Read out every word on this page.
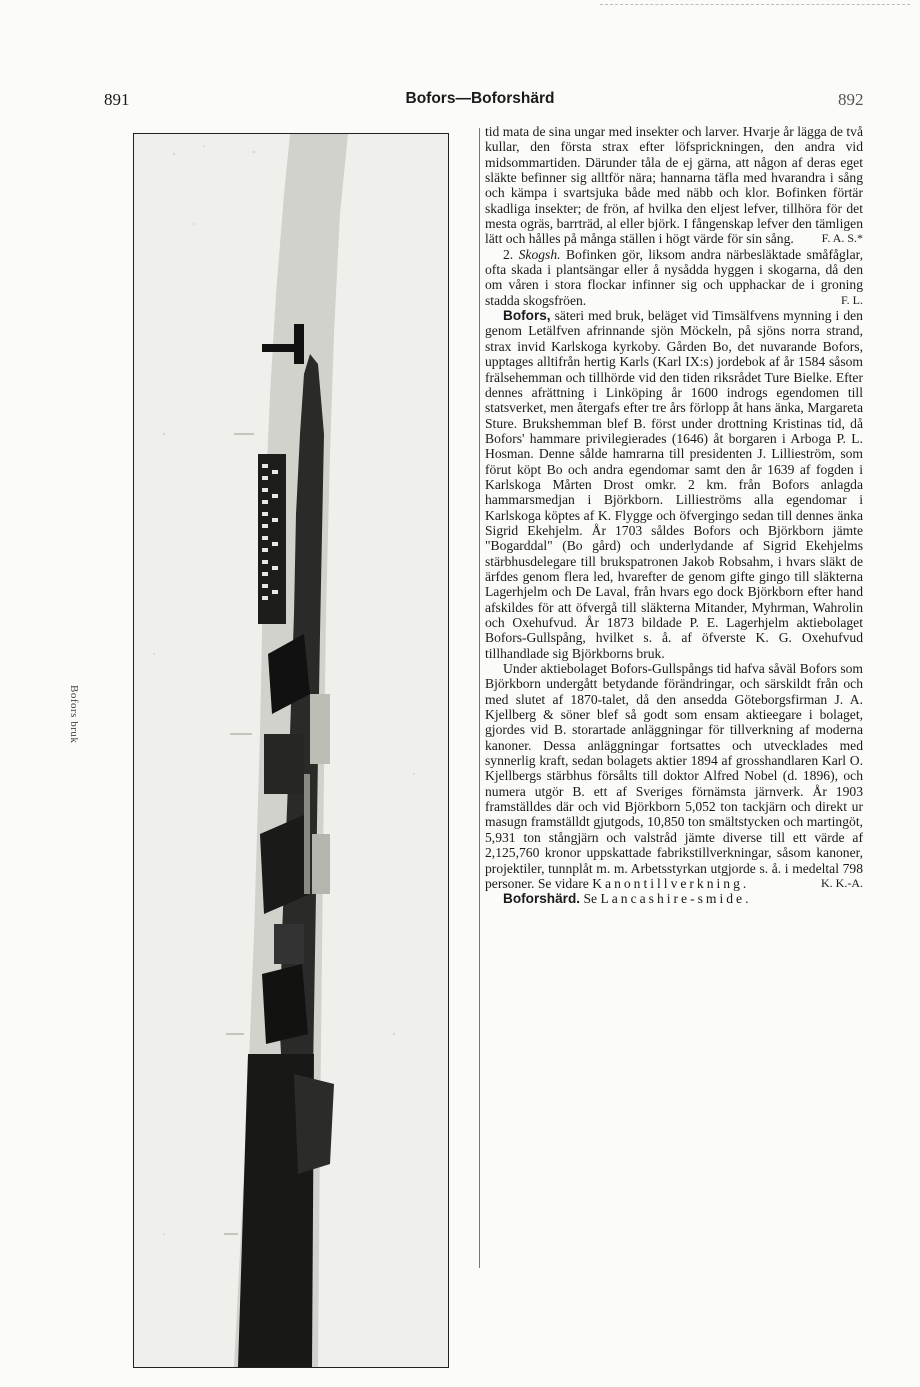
891	Bofors—Boforshärd	892
Bofors bruk

tid mata de sina ungar med insekter och larver. Hvarje år lägga de två kullar, den första strax efter löfsprickningen, den andra vid midsommartiden. Därunder tåla de ej gärna, att någon af deras eget släkte befinner sig alltför nära; hannarna täfla med hvarandra i sång och kämpa i svartsjuka både med näbb och klor. Bofinken förtär skadliga insekter; de frön, af hvilka den eljest lefver, tillhöra för det mesta ogräs, barrträd, al eller björk. I fångenskap lefver den tämligen lätt och hålles på många ställen i högt värde för sin sång. F. A. S.*

2. Skogsh. Bofinken gör, liksom andra närbesläktade småfåglar, ofta skada i plantsängar eller å nysådda hyggen i skogarna, då den om våren i stora flockar infinner sig och upphackar de i groning stadda skogsfröen.	F. L.

Bofors, säteri med bruk, beläget vid Timsälfvens mynning i den genom Letälfven afrinnande sjön Möckeln, på sjöns norra strand, strax invid Karlskoga kyrkoby. Gården Bo, det nuvarande Bofors, upptages alltifrån hertig Karls (Karl IX:s) jordebok af år 1584 såsom frälsehemman och tillhörde vid den tiden riksrådet Ture Bielke. Efter dennes afrättning i Linköping år 1600 indrogs egendomen till statsverket, men återgafs efter tre års förlopp åt hans änka, Margareta Sture. Brukshemman blef B. först under drottning Kristinas tid, då Bofors' hammare privilegierades (1646) åt borgaren i Arboga P. L. Hosman. Denne sålde hamrarna till presidenten J. Lillieström, som förut köpt Bo och andra egendomar samt den år 1639 af fogden i Karlskoga Mårten Drost omkr. 2 km. från Bofors anlagda hammarsmedjan i Björkborn. Lillieströms alla egendomar i Karlskoga köptes af K. Flygge och öfvergingo sedan till dennes änka Sigrid Ekehjelm. År 1703 såldes Bofors och Björkborn jämte "Bogarddal" (Bo gård) och underlydande af Sigrid Ekehjelms stärbhusdelegare till brukspatronen Jakob Robsahm, i hvars släkt de ärfdes genom flera led, hvarefter de genom gifte gingo till släkterna Lagerhjelm och De Laval, från hvars ego dock Björkborn efter hand afskildes för att öfvergå till släkterna Mitander, Myhrman, Wahrolin och Oxehufvud. År 1873 bildade P. E. Lagerhjelm aktiebolaget Bofors-Gullspång, hvilket s. å. af öfverste K. G. Oxehufvud tillhandlade sig Björkborns bruk.

Under aktiebolaget Bofors-Gullspångs tid hafva såväl Bofors som Björkborn undergått betydande förändringar, och särskildt från och med slutet af 1870-talet, då den ansedda Göteborgsfirman J. A. Kjellberg & söner blef så godt som ensam aktieegare i bolaget, gjordes vid B. storartade anläggningar för tillverkning af moderna kanoner. Dessa anläggningar fortsattes och utvecklades med synnerlig kraft, sedan bolagets aktier 1894 af grosshandlaren Karl O. Kjellbergs stärbhus försålts till doktor Alfred Nobel (d. 1896), och numera utgör B. ett af Sveriges förnämsta järnverk. År 1903 framställdes där och vid Björkborn 5,052 ton tackjärn och direkt ur masugn framställdt gjutgods, 10,850 ton smältstycken och martingöt, 5,931 ton stångjärn och valstråd jämte diverse till ett värde af 2,125,760 kronor uppskattade fabrikstillverkningar, såsom kanoner, projektiler, tunnplåt m. m. Arbetsstyrkan utgjorde s. å. i medeltal 798 personer. Se vidare Kanontillverkning.	K. K.-A.

Boforshärd. Se Lancashire-smide.
